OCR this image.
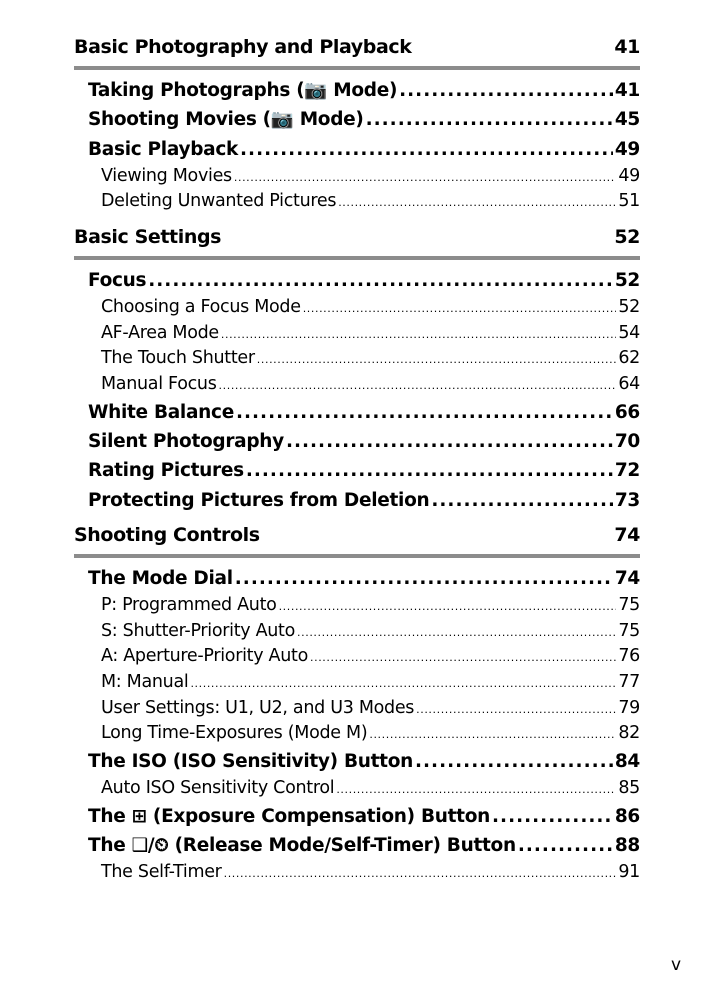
Basic Photography and Playback	41
Taking Photographs (📷 Mode) .....	41
Shooting Movies (📷 Mode) .....	45
Basic Playback .....	49
Viewing Movies .....	49
Deleting Unwanted Pictures .....	51
Basic Settings	52
Focus .....	52
Choosing a Focus Mode .....	52
AF-Area Mode .....	54
The Touch Shutter .....	62
Manual Focus .....	64
White Balance .....	66
Silent Photography .....	70
Rating Pictures .....	72
Protecting Pictures from Deletion .....	73
Shooting Controls	74
The Mode Dial .....	74
P: Programmed Auto .....	75
S: Shutter-Priority Auto .....	75
A: Aperture-Priority Auto .....	76
M: Manual .....	77
User Settings: U1, U2, and U3 Modes .....	79
Long Time-Exposures (Mode M) .....	82
The ISO (ISO Sensitivity) Button .....	84
Auto ISO Sensitivity Control .....	85
The ⊞ (Exposure Compensation) Button .....	86
The ❑/⏲ (Release Mode/Self-Timer) Button .....	88
The Self-Timer .....	91
v
